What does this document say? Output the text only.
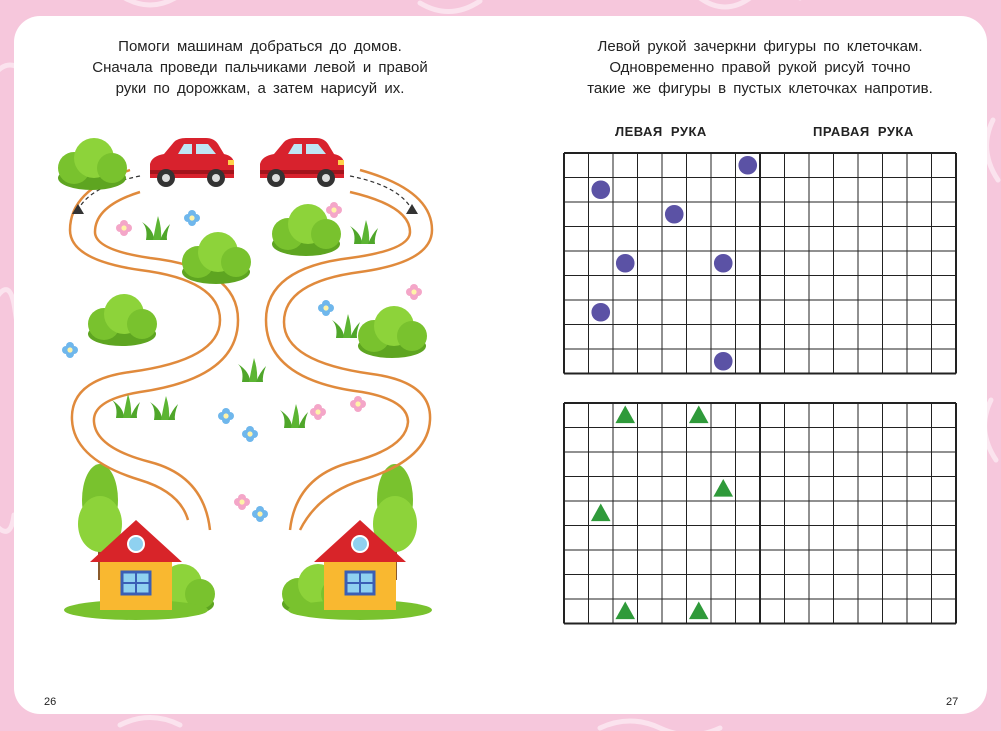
Помоги машинам добраться до домов.
Сначала проведи пальчиками левой и правой
руки по дорожкам, а затем нарисуй их.
Левой рукой зачеркни фигуры по клеточкам.
Одновременно правой рукой рисуй точно
такие же фигуры в пустых клеточках напротив.
ЛЕВАЯ РУКА	ПРАВАЯ РУКА
26	27
